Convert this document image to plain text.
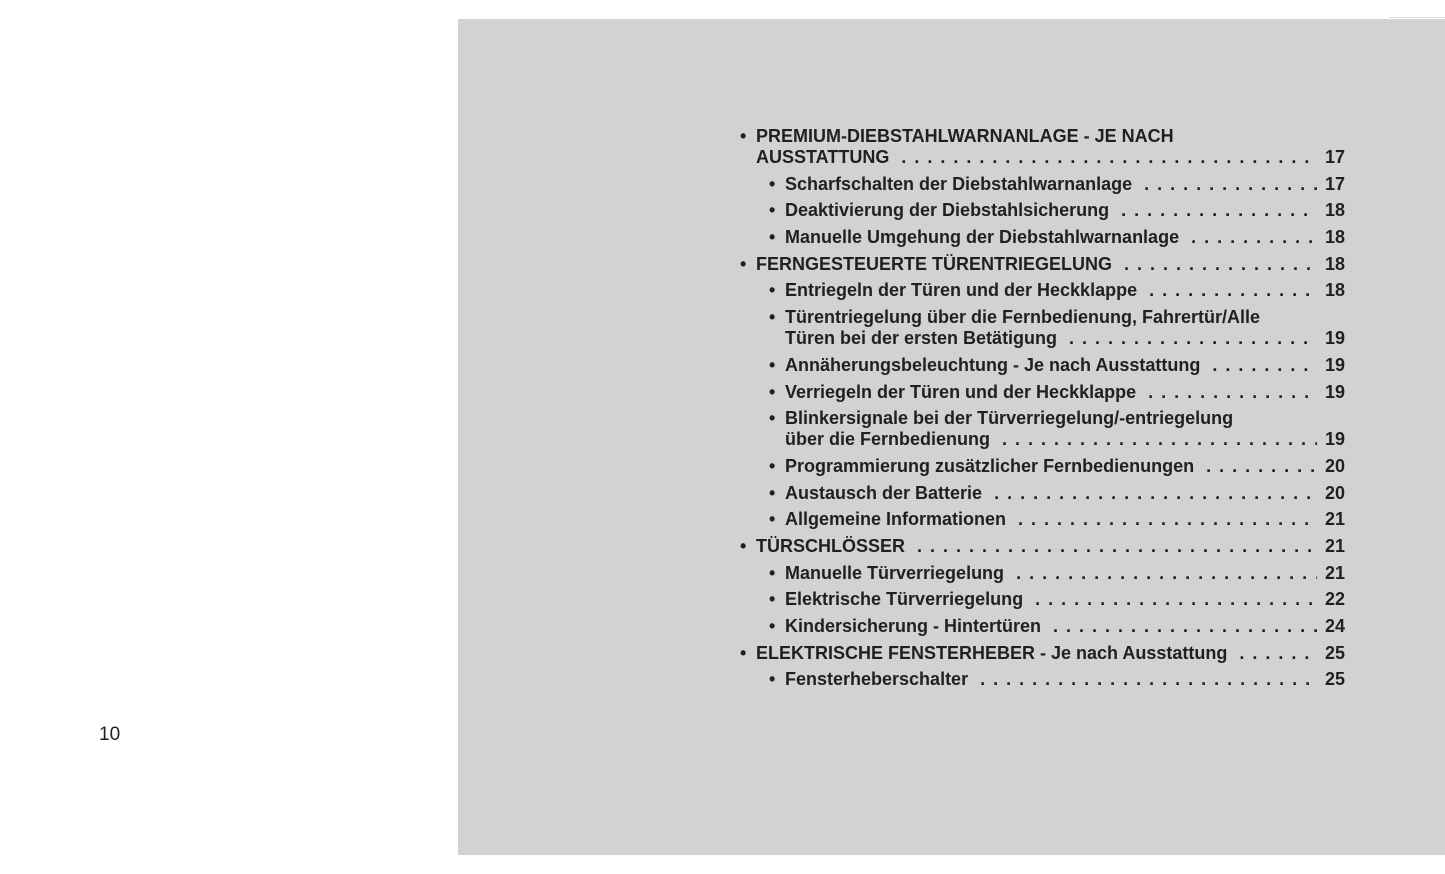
• PREMIUM-DIEBSTAHLWARNANLAGE - JE NACH
AUSSTATTUNG . . .	17
• Scharfschalten der Diebstahlwarnanlage . . .	17
• Deaktivierung der Diebstahlsicherung . . .	18
• Manuelle Umgehung der Diebstahlwarnanlage . . .	18
• FERNGESTEUERTE TÜRENTRIEGELUNG . . .	18
• Entriegeln der Türen und der Heckklappe . . .	18
• Türentriegelung über die Fernbedienung, Fahrertür/Alle
Türen bei der ersten Betätigung . . .	19
• Annäherungsbeleuchtung - Je nach Ausstattung . . .	19
• Verriegeln der Türen und der Heckklappe . . .	19
• Blinkersignale bei der Türverriegelung/-entriegelung
über die Fernbedienung . . .	19
• Programmierung zusätzlicher Fernbedienungen . . .	20
• Austausch der Batterie . . .	20
• Allgemeine Informationen . . .	21
• TÜRSCHLÖSSER . . .	21
• Manuelle Türverriegelung . . .	21
• Elektrische Türverriegelung . . .	22
• Kindersicherung - Hintertüren . . .	24
• ELEKTRISCHE FENSTERHEBER - Je nach Ausstattung . . .	25
• Fensterheberschalter . . .	25
10
